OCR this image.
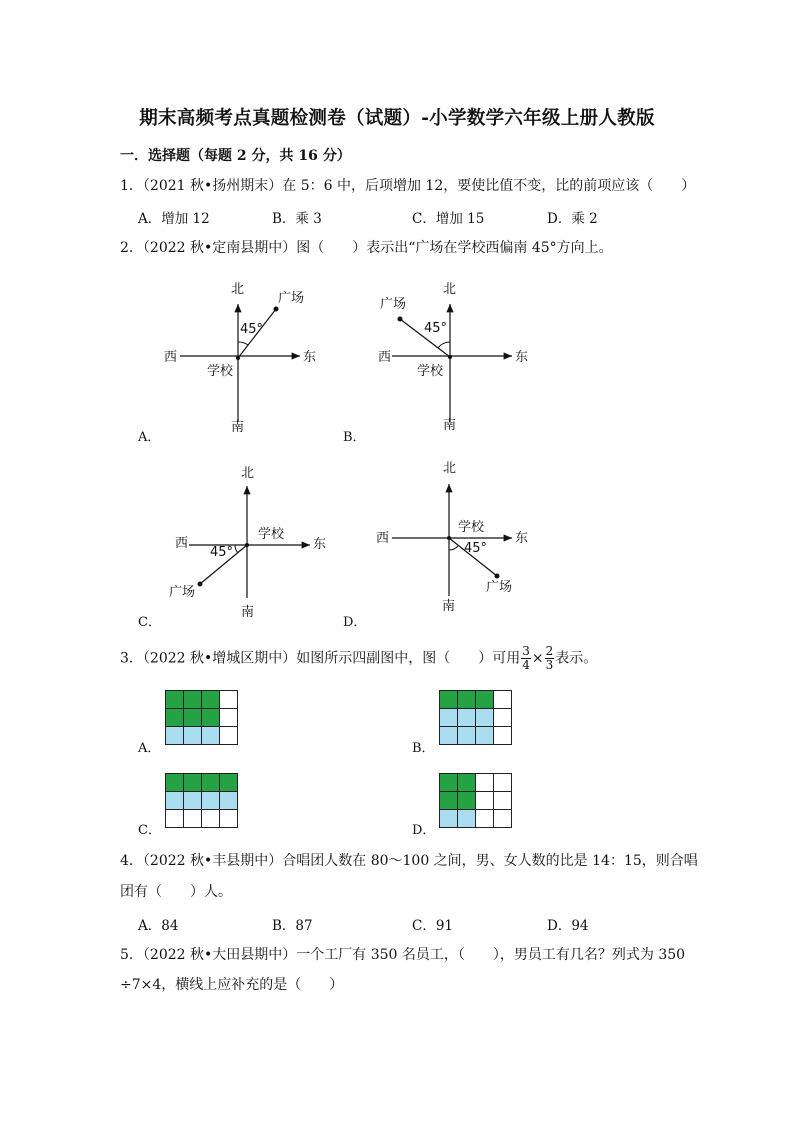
期末高频考点真题检测卷（试题）-小学数学六年级上册人教版
一．选择题（每题 2 分，共 16 分）
1．（2021 秋•扬州期末）在 5：6 中，后项增加 12，要使比值不变，比的前项应该（　　）
A．增加 12	B．乘 3	C．增加 15	D．乘 2
2．（2022 秋•定南县期中）图（　　）表示出“广场在学校西偏南 45°方向上。
北
广场
45°
西	东
学校
南
A．
北
广场
45°
西	东
学校
南
B．
北
学校
西	东
45°
广场
南
C．
北
学校
西	东
45°
广场
南
D．
3．（2022 秋•增城区期中）如图所示四副图中，图（　　）可用 $\frac{3}{4} \times \frac{2}{3}$ 表示。

A．

				B．

C．

				D．
4．（2022 秋•丰县期中）合唱团人数在 80～100 之间，男、女人数的比是 14：15，则合唱
团有（　　）人。
A．84	B．87	C．91	D．94
5．（2022 秋•大田县期中）一个工厂有 350 名员工，（　　），男员工有几名？列式为 350
÷7×4，横线上应补充的是（　　）
